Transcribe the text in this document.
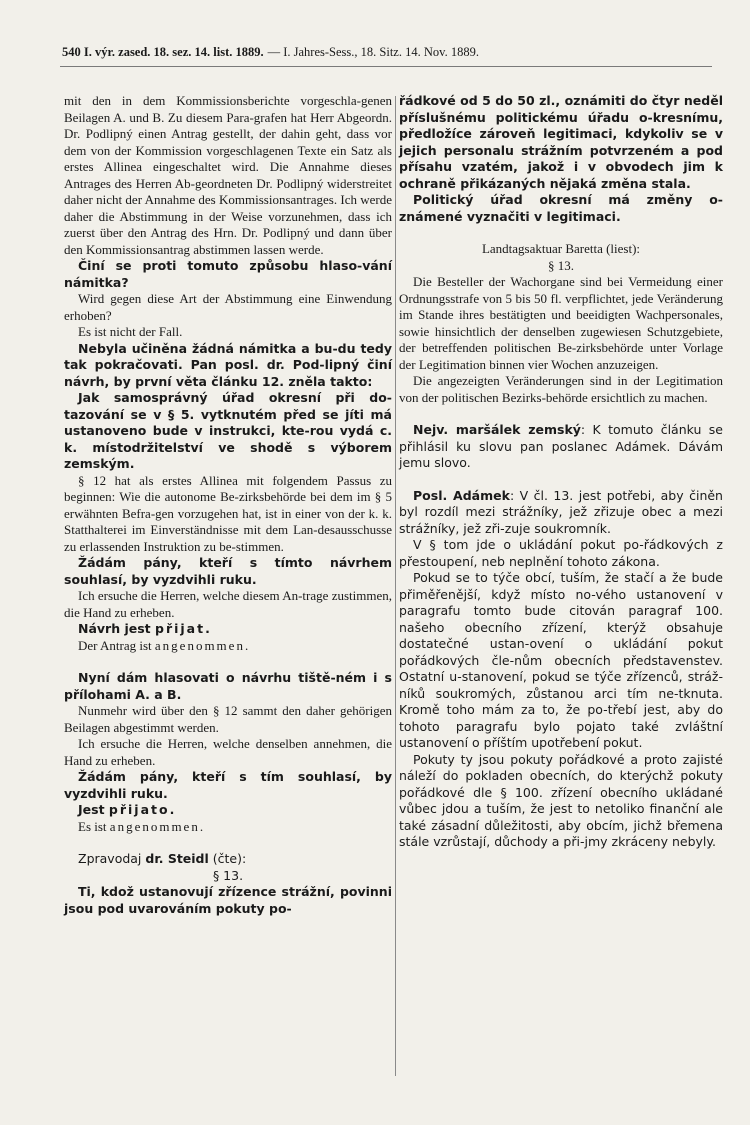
540 I. výr. zased. 18. sez. 14. list. 1889. — I. Jahres-Sess., 18. Sitz. 14. Nov. 1889.

mit den in dem Kommissionsberichte vorgeschla-genen Beilagen A. und B. Zu diesem Para-grafen hat Herr Abgeordn. Dr. Podlipný einen Antrag gestellt, der dahin geht, dass vor dem von der Kommission vorgeschlagenen Texte ein Satz als erstes Allinea eingeschaltet wird. Die Annahme dieses Antrages des Herren Ab-geordneten Dr. Podlipný widerstreitet daher nicht der Annahme des Kommissionsantrages. Ich werde daher die Abstimmung in der Weise vorzunehmen, dass ich zuerst über den Antrag des Hrn. Dr. Podlipný und dann über den Kommissionsantrag abstimmen lassen werde.

Činí se proti tomuto způsobu hlaso-vání námitka?

Wird gegen diese Art der Abstimmung eine Einwendung erhoben?

Es ist nicht der Fall.

Nebyla učiněna žádná námitka a bu-du tedy tak pokračovati. Pan posl. dr. Pod-lipný činí návrh, by první věta článku 12. zněla takto:

Jak samosprávný úřad okresní při do-tazování se v § 5. vytknutém před se jíti má ustanoveno bude v instrukci, kte-rou vydá c. k. místodržitelství ve shodě s výborem zemským.

§ 12 hat als erstes Allinea mit folgendem Passus zu beginnen: Wie die autonome Be-zirksbehörde bei dem im § 5 erwähnten Befra-gen vorzugehen hat, ist in einer von der k. k. Statthalterei im Einverständnisse mit dem Lan-desausschusse zu erlassenden Instruktion zu be-stimmen.

Žádám pány, kteří s tímto návrhem souhlasí, by vyzdvihli ruku.

Ich ersuche die Herren, welche diesem An-trage zustimmen, die Hand zu erheben.

Návrh jest přijat.

Der Antrag ist angenommen.

Nyní dám hlasovati o návrhu tiště-ném i s přílohami A. a B.

Nunmehr wird über den § 12 sammt den daher gehörigen Beilagen abgestimmt werden.

Ich ersuche die Herren, welche denselben annehmen, die Hand zu erheben.

Žádám pány, kteří s tím souhlasí, by vyzdvihli ruku.

Jest přijato.

Es ist angenommen.

Zpravodaj dr. Steidl (čte):

§ 13.

Ti, kdož ustanovují zřízence strážní, povinni jsou pod uvarováním pokuty po-

řádkové od 5 do 50 zl., oznámiti do čtyr neděl příslušnému politickému úřadu o-kresnímu, předložíce zároveň legitimaci, kdykoliv se v jejich personalu strážním potvrzeném a pod přísahu vzatém, jakož i v obvodech jim k ochraně přikázaných nějaká změna stala.

Politický úřad okresní má změny o-známené vyznačiti v legitimaci.

Landtagsaktuar Baretta (liest):

§ 13.

Die Besteller der Wachorgane sind bei Vermeidung einer Ordnungsstrafe von 5 bis 50 fl. verpflichtet, jede Veränderung im Stande ihres bestätigten und beeidigten Wachpersonales, sowie hinsichtlich der denselben zugewiesen Schutzgebiete, der betreffenden politischen Be-zirksbehörde unter Vorlage der Legitimation binnen vier Wochen anzuzeigen.

Die angezeigten Veränderungen sind in der Legitimation von der politischen Bezirks-behörde ersichtlich zu machen.

Nejv. maršálek zemský: K tomuto článku se přihlásil ku slovu pan poslanec Adámek. Dávám jemu slovo.

Posl. Adámek: V čl. 13. jest potřebi, aby činěn byl rozdíl mezi strážníky, jež zřizuje obec a mezi strážníky, jež zři-zuje soukromník.

V § tom jde o ukládání pokut po-řádkových z přestoupení, neb neplnění tohoto zákona.

Pokud se to týče obcí, tuším, že stačí a že bude přiměřenější, když místo no-vého ustanovení v paragrafu tomto bude citován paragraf 100. našeho obecního zřízení, kterýž obsahuje dostatečné ustan-ovení o ukládání pokut pořádkových čle-nům obecních představenstev. Ostatní u-stanovení, pokud se týče zřízenců, stráž-níků soukromých, zůstanou arci tím ne-tknuta. Kromě toho mám za to, že po-třebí jest, aby do tohoto paragrafu bylo pojato také zvláštní ustanovení o příštím upotřebení pokut.

Pokuty ty jsou pokuty pořádkové a proto zajisté náleží do pokladen obecních, do kterýchž pokuty pořádkové dle § 100. zřízení obecního ukládané vůbec jdou a tuším, že jest to netoliko finanční ale také zásadní důležitosti, aby obcím, jichž břemena stále vzrůstají, důchody a při-jmy zkráceny nebyly.
